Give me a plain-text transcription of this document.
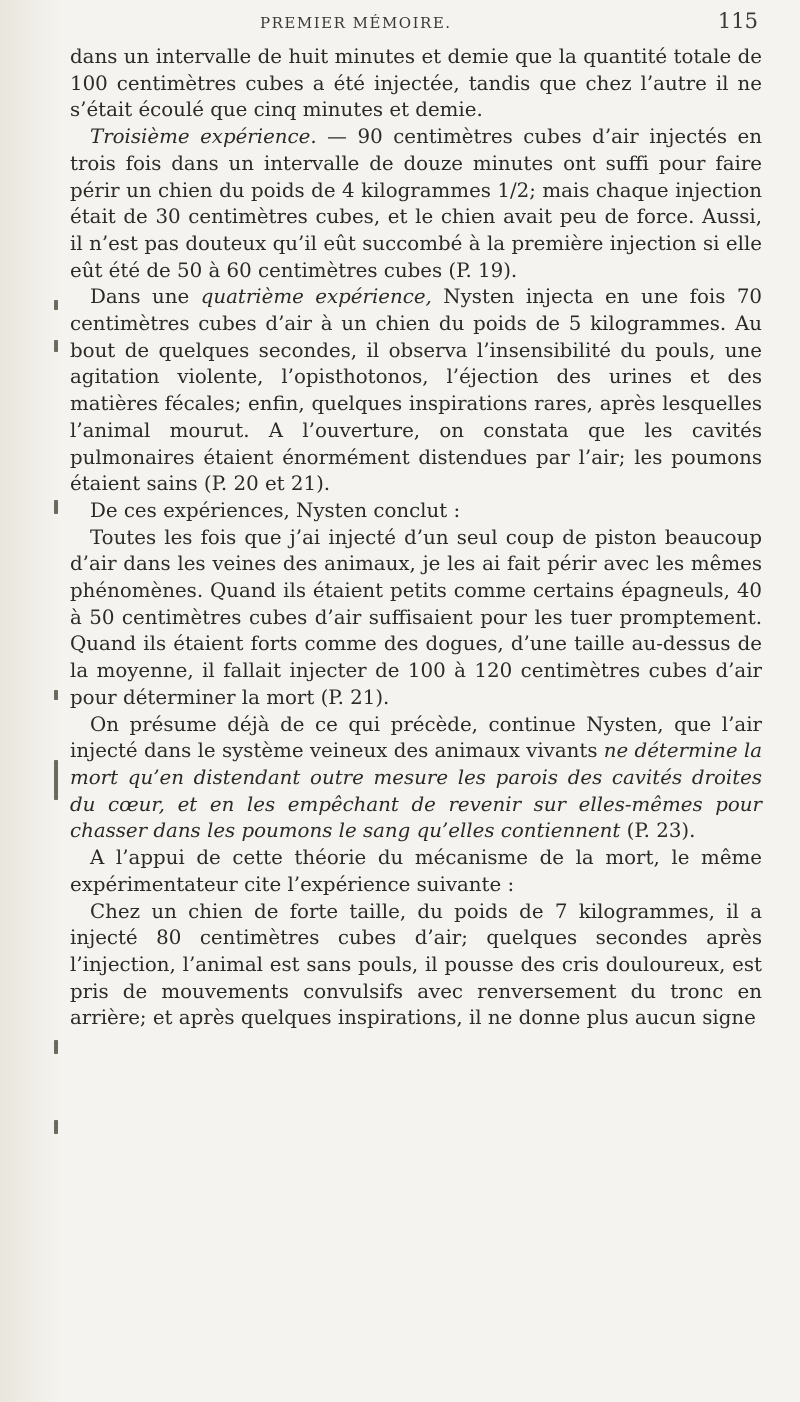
PREMIER MÉMOIRE.	115

dans un intervalle de huit minutes et demie que la quantité totale de 100 centimètres cubes a été injectée, tandis que chez l’autre il ne s’était écoulé que cinq minutes et demie.

Troisième expérience. — 90 centimètres cubes d’air injectés en trois fois dans un intervalle de douze minutes ont suffi pour faire périr un chien du poids de 4 kilogrammes 1/2; mais chaque injection était de 30 centimètres cubes, et le chien avait peu de force. Aussi, il n’est pas douteux qu’il eût succombé à la première injection si elle eût été de 50 à 60 centimètres cubes (P. 19).

Dans une quatrième expérience, Nysten injecta en une fois 70 centimètres cubes d’air à un chien du poids de 5 kilogrammes. Au bout de quelques secondes, il observa l’insensibilité du pouls, une agitation violente, l’opisthotonos, l’éjection des urines et des matières fécales; enfin, quelques inspirations rares, après lesquelles l’animal mourut. A l’ouverture, on constata que les cavités pulmonaires étaient énormément distendues par l’air; les poumons étaient sains (P. 20 et 21).

De ces expériences, Nysten conclut :

Toutes les fois que j’ai injecté d’un seul coup de piston beaucoup d’air dans les veines des animaux, je les ai fait périr avec les mêmes phénomènes. Quand ils étaient petits comme certains épagneuls, 40 à 50 centimètres cubes d’air suffisaient pour les tuer promptement. Quand ils étaient forts comme des dogues, d’une taille au-dessus de la moyenne, il fallait injecter de 100 à 120 centimètres cubes d’air pour déterminer la mort (P. 21).

On présume déjà de ce qui précède, continue Nysten, que l’air injecté dans le système veineux des animaux vivants ne détermine la mort qu’en distendant outre mesure les parois des cavités droites du cœur, et en les empêchant de revenir sur elles-mêmes pour chasser dans les poumons le sang qu’elles contiennent (P. 23).

A l’appui de cette théorie du mécanisme de la mort, le même expérimentateur cite l’expérience suivante :

Chez un chien de forte taille, du poids de 7 kilogrammes, il a injecté 80 centimètres cubes d’air; quelques secondes après l’injection, l’animal est sans pouls, il pousse des cris douloureux, est pris de mouvements convulsifs avec renversement du tronc en arrière; et après quelques inspirations, il ne donne plus aucun signe
